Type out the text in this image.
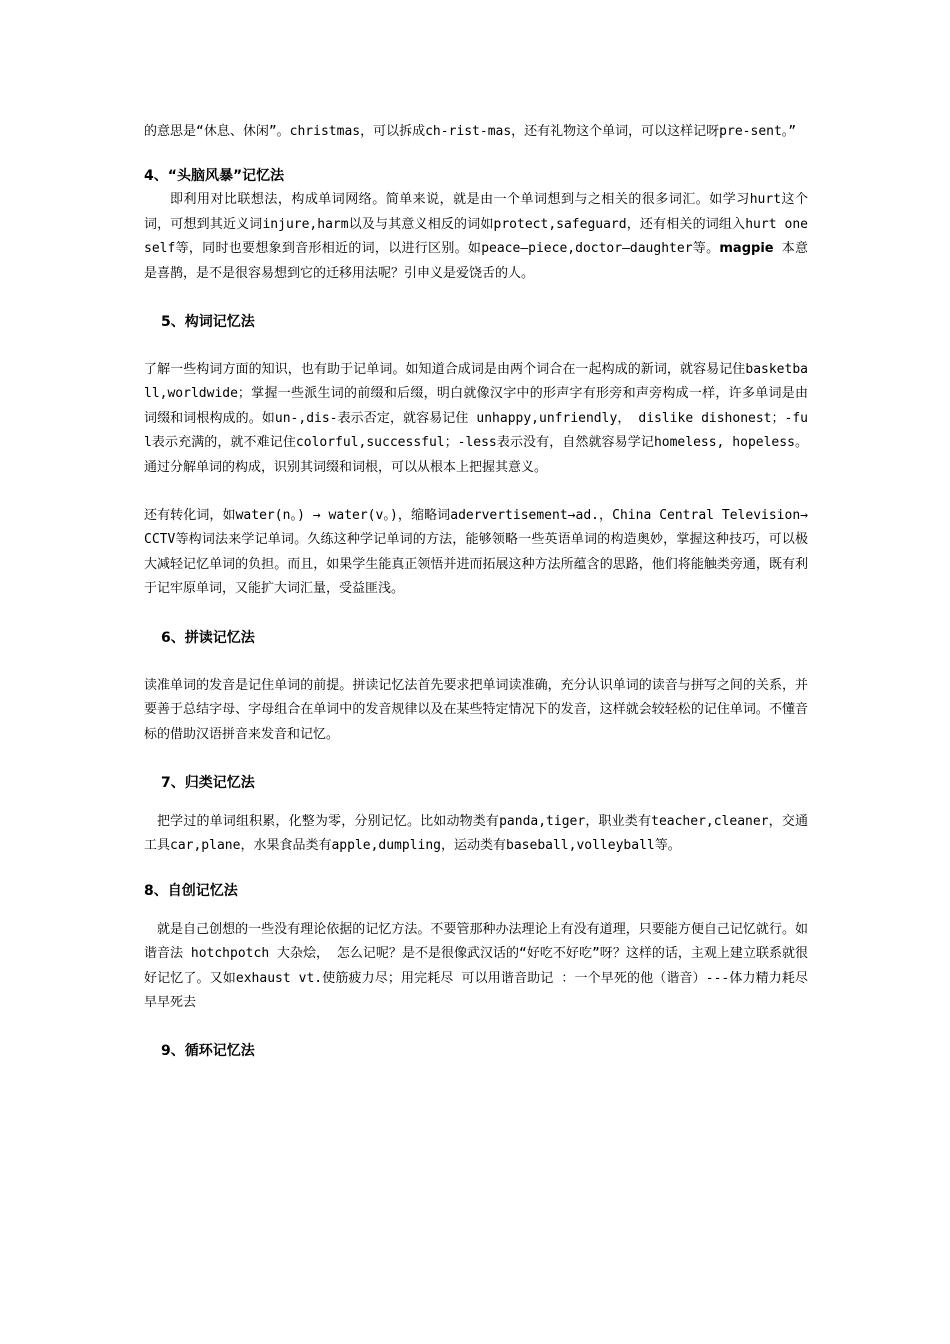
的意思是“休息、休闲”。christmas，可以拆成ch-rist-mas，还有礼物这个单词，可以这样记呀pre-sent。”

4、“头脑风暴”记忆法

即利用对比联想法，构成单词网络。简单来说，就是由一个单词想到与之相关的很多词汇。如学习hurt这个词，可想到其近义词injure,harm以及与其意义相反的词如protect,safeguard，还有相关的词组入hurt oneself等，同时也要想象到音形相近的词，以进行区别。如peace—piece,doctor—daughter等。magpie 本意是喜鹊，是不是很容易想到它的迁移用法呢？引申义是爱饶舌的人。

5、构词记忆法

了解一些构词方面的知识，也有助于记单词。如知道合成词是由两个词合在一起构成的新词，就容易记住basketball,worldwide；掌握一些派生词的前缀和后缀，明白就像汉字中的形声字有形旁和声旁构成一样，许多单词是由词缀和词根构成的。如un-,dis-表示否定，就容易记住 unhappy,unfriendly， dislike dishonest；-ful表示充满的，就不难记住colorful,successful；-less表示没有，自然就容易学记homeless, hopeless。通过分解单词的构成，识别其词缀和词根，可以从根本上把握其意义。

还有转化词，如water(n。) → water(v。)，缩略词adervertisement→ad.，China Central Television→CCTV等构词法来学记单词。久练这种学记单词的方法，能够领略一些英语单词的构造奥妙，掌握这种技巧，可以极大减轻记忆单词的负担。而且，如果学生能真正领悟并进而拓展这种方法所蕴含的思路，他们将能触类旁通，既有利于记牢原单词，又能扩大词汇量，受益匪浅。

6、拼读记忆法

读准单词的发音是记住单词的前提。拼读记忆法首先要求把单词读准确，充分认识单词的读音与拼写之间的关系，并要善于总结字母、字母组合在单词中的发音规律以及在某些特定情况下的发音，这样就会较轻松的记住单词。不懂音标的借助汉语拼音来发音和记忆。

7、归类记忆法

把学过的单词组积累，化整为零，分别记忆。比如动物类有panda,tiger，职业类有teacher,cleaner，交通工具car,plane，水果食品类有apple,dumpling，运动类有baseball,volleyball等。

8、自创记忆法

就是自己创想的一些没有理论依据的记忆方法。不要管那种办法理论上有没有道理，只要能方便自己记忆就行。如谐音法 hotchpotch 大杂烩， 怎么记呢？是不是很像武汉话的“好吃不好吃”呀？这样的话，主观上建立联系就很好记忆了。又如exhaust vt.使筋疲力尽；用完耗尽 可以用谐音助记 ：一个早死的他（谐音）---体力精力耗尽早早死去

9、循环记忆法
